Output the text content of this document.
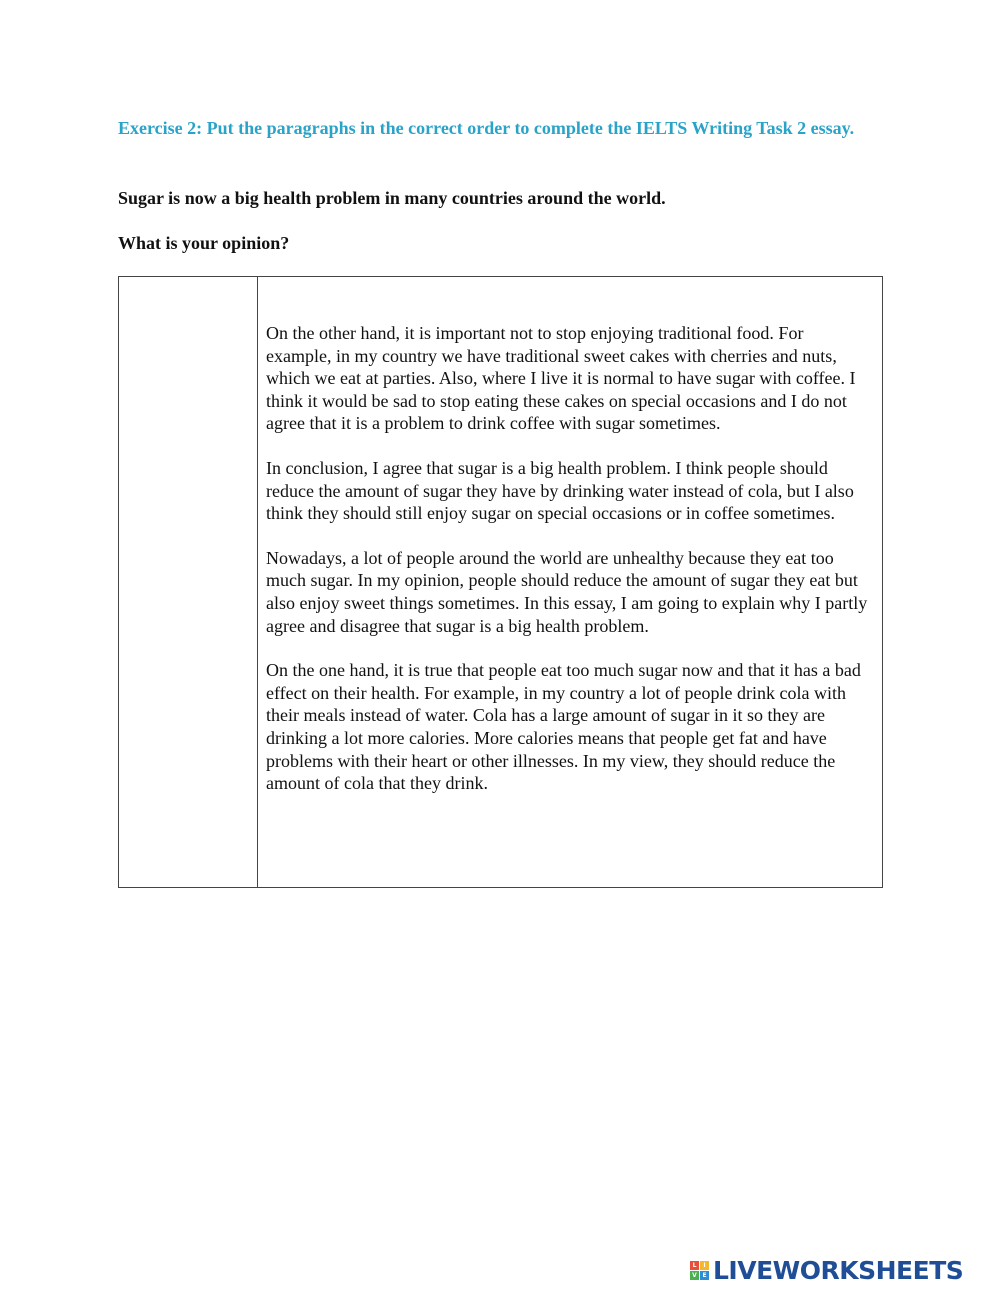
Exercise 2: Put the paragraphs in the correct order to complete the IELTS Writing Task 2 essay.
Sugar is now a big health problem in many countries around the world.
What is your opinion?

On the other hand, it is important not to stop enjoying traditional food. For example, in my country we have traditional sweet cakes with cherries and nuts, which we eat at parties. Also, where I live it is normal to have sugar with coffee. I think it would be sad to stop eating these cakes on special occasions and I do not agree that it is a problem to drink coffee with sugar sometimes.

In conclusion, I agree that sugar is a big health problem. I think people should reduce the amount of sugar they have by drinking water instead of cola, but I also think they should still enjoy sugar on special occasions or in coffee sometimes.

Nowadays, a lot of people around the world are unhealthy because they eat too much sugar. In my opinion, people should reduce the amount of sugar they eat but also enjoy sweet things sometimes. In this essay, I am going to explain why I partly agree and disagree that sugar is a big health problem.

On the one hand, it is true that people eat too much sugar now and that it has a bad effect on their health. For example, in my country a lot of people drink cola with their meals instead of water. Cola has a large amount of sugar in it so they are drinking a lot more calories. More calories means that people get fat and have problems with their heart or other illnesses. In my view, they should reduce the amount of cola that they drink.

L	I
V E LIVEWORKSHEETS
